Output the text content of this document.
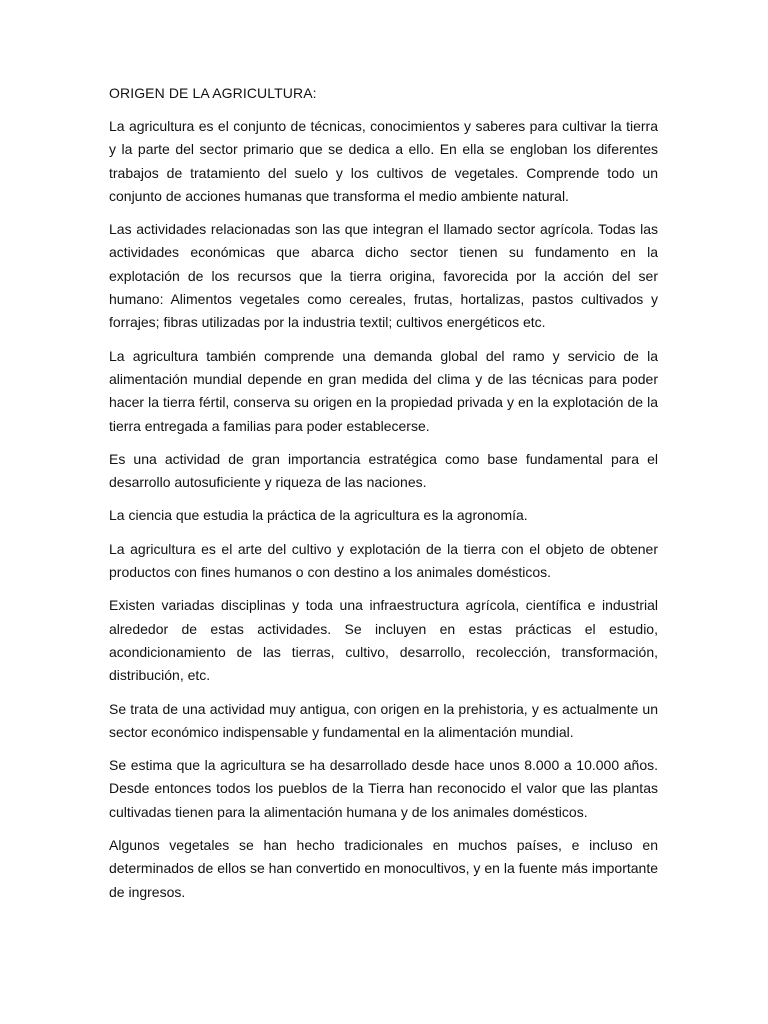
ORIGEN DE LA AGRICULTURA:

La agricultura es el conjunto de técnicas, conocimientos y saberes para cultivar la tierra y la parte del sector primario que se dedica a ello. En ella se engloban los diferentes trabajos de tratamiento del suelo y los cultivos de vegetales. Comprende todo un conjunto de acciones humanas que transforma el medio ambiente natural.

Las actividades relacionadas son las que integran el llamado sector agrícola. Todas las actividades económicas que abarca dicho sector tienen su fundamento en la explotación de los recursos que la tierra origina, favorecida por la acción del ser humano: Alimentos vegetales como cereales, frutas, hortalizas, pastos cultivados y forrajes; fibras utilizadas por la industria textil; cultivos energéticos etc.

La agricultura también comprende una demanda global del ramo y servicio de la alimentación mundial depende en gran medida del clima y de las técnicas para poder hacer la tierra fértil, conserva su origen en la propiedad privada y en la explotación de la tierra entregada a familias para poder establecerse.

Es una actividad de gran importancia estratégica como base fundamental para el desarrollo autosuficiente y riqueza de las naciones.

La ciencia que estudia la práctica de la agricultura es la agronomía.

La agricultura es el arte del cultivo y explotación de la tierra con el objeto de obtener productos con fines humanos o con destino a los animales domésticos.

Existen variadas disciplinas y toda una infraestructura agrícola, científica e industrial alrededor de estas actividades. Se incluyen en estas prácticas el estudio, acondicionamiento de las tierras, cultivo, desarrollo, recolección, transformación, distribución, etc.

Se trata de una actividad muy antigua, con origen en la prehistoria, y es actualmente un sector económico indispensable y fundamental en la alimentación mundial.

Se estima que la agricultura se ha desarrollado desde hace unos 8.000 a 10.000 años. Desde entonces todos los pueblos de la Tierra han reconocido el valor que las plantas cultivadas tienen para la alimentación humana y de los animales domésticos.

Algunos vegetales se han hecho tradicionales en muchos países, e incluso en determinados de ellos se han convertido en monocultivos, y en la fuente más importante de ingresos.
